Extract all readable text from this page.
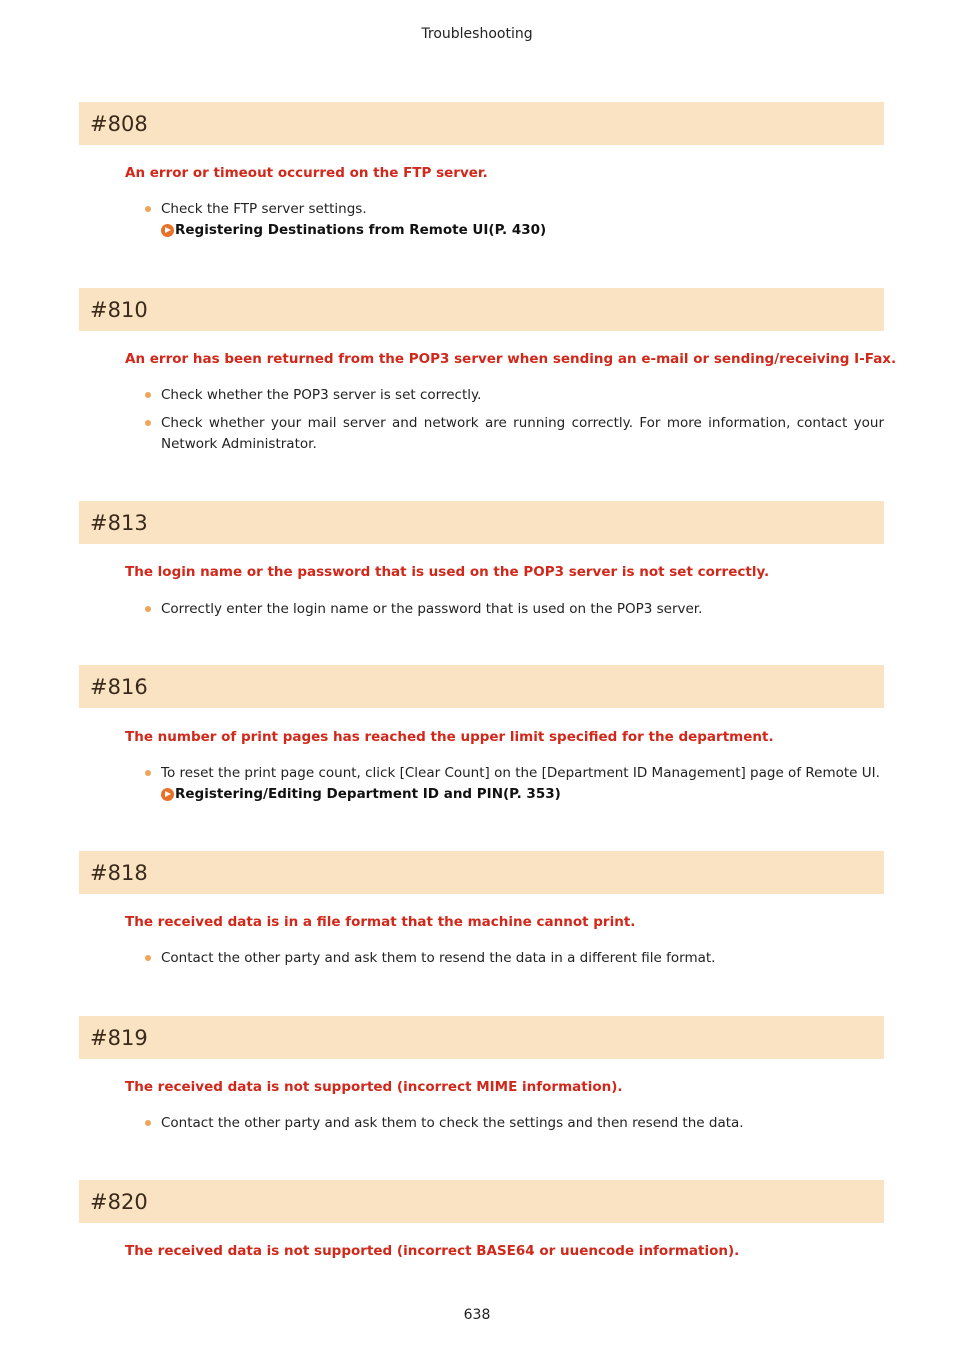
Troubleshooting
#808
An error or timeout occurred on the FTP server.
Check the FTP server settings.
Registering Destinations from Remote UI(P. 430)
#810
An error has been returned from the POP3 server when sending an e-mail or sending/receiving I-Fax.
Check whether the POP3 server is set correctly.
Check whether your mail server and network are running correctly. For more information, contact your Network Administrator.
#813
The login name or the password that is used on the POP3 server is not set correctly.
Correctly enter the login name or the password that is used on the POP3 server.
#816
The number of print pages has reached the upper limit specified for the department.
To reset the print page count, click [Clear Count] on the [Department ID Management] page of Remote UI.
Registering/Editing Department ID and PIN(P. 353)
#818
The received data is in a file format that the machine cannot print.
Contact the other party and ask them to resend the data in a different file format.
#819
The received data is not supported (incorrect MIME information).
Contact the other party and ask them to check the settings and then resend the data.
#820
The received data is not supported (incorrect BASE64 or uuencode information).
638
